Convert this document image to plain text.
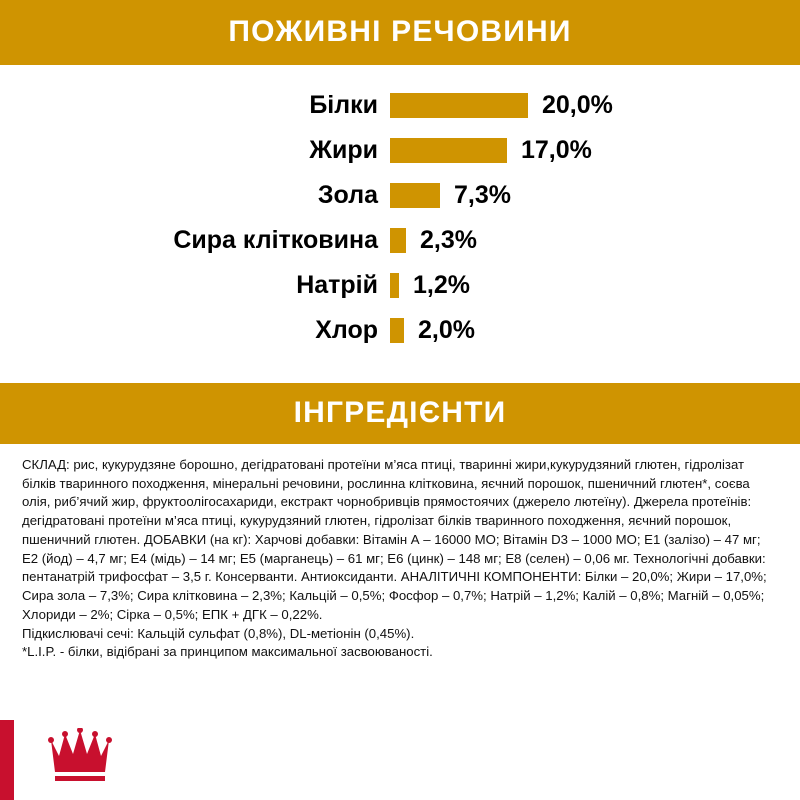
ПОЖИВНІ РЕЧОВИНИ
Білки	20,0%
Жири	17,0%
Зола	7,3%
Сира клітковина	2,3%
Натрій	1,2%
Хлор	2,0%
ІНГРЕДІЄНТИ

СКЛАД: рис, кукурудзяне борошно, дегідратовані протеїни м’яса птиці, тваринні жири,кукурудзяний глютен, гідролізат білків тваринного походження, мінеральні речовини, рослинна клітковина, яєчний порошок, пшеничний глютен*, соєва олія, риб’ячий жир, фруктоолігосахариди, екстракт чорнобривців прямостоячих (джерело лютеїну). Джерела протеїнів: дегідратовані протеїни м’яса птиці, кукурудзяний глютен, гідролізат білків тваринного походження, яєчний порошок, пшеничний глютен. ДОБАВКИ (на кг): Харчові добавки: Вітамін А – 16000 МО; Вітамін D3 – 1000 МО; Е1 (залізо) – 47 мг; Е2 (йод) – 4,7 мг; Е4 (мідь) – 14 мг; Е5 (марганець) – 61 мг; Е6 (цинк) – 148 мг; Е8 (селен) – 0,06 мг. Технологічні добавки: пентанатрій трифосфат – 3,5 г. Консерванти. Антиоксиданти. АНАЛІТИЧНІ КОМПОНЕНТИ: Білки – 20,0%; Жири – 17,0%; Сира зола – 7,3%; Сира клітковина – 2,3%; Кальцій – 0,5%; Фосфор – 0,7%; Натрій – 1,2%; Калій – 0,8%; Магній – 0,05%; Хлориди – 2%; Сірка – 0,5%; ЕПК + ДГК – 0,22%.

Підкислювачі сечі: Кальцій сульфат (0,8%), DL-метіонін (0,45%).

*L.I.P. - білки, відібрані за принципом максимальної засвоюваності.
